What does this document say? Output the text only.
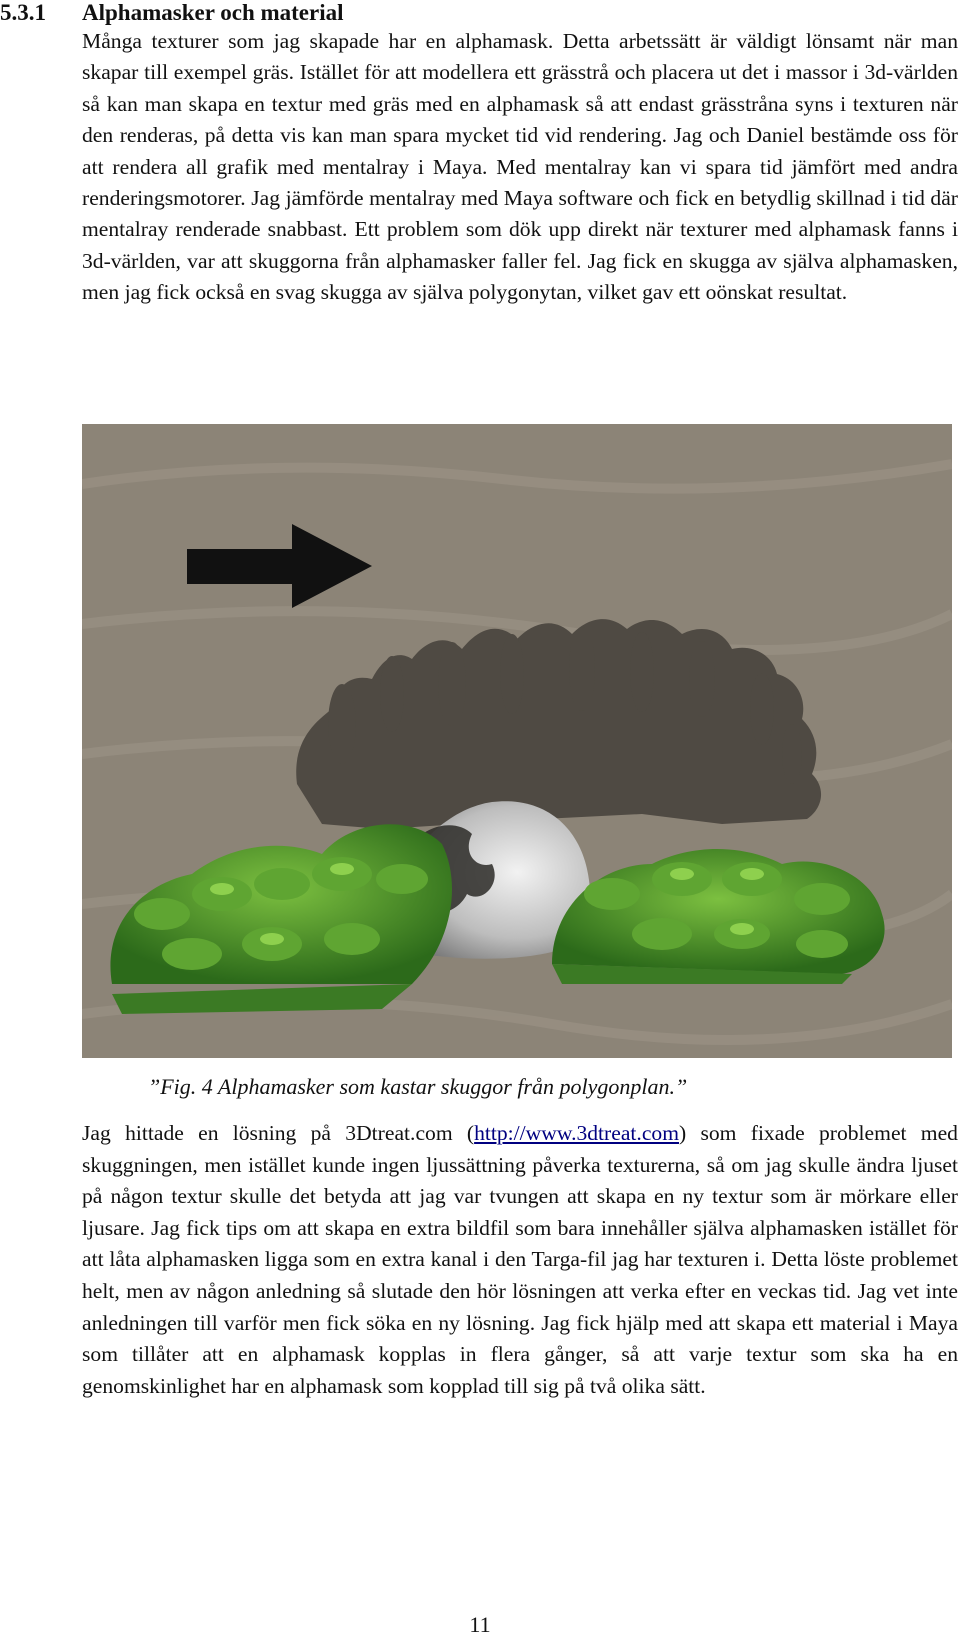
5.3.1 Alphamasker och material

Många texturer som jag skapade har en alphamask. Detta arbetssätt är väldigt lönsamt när man skapar till exempel gräs. Istället för att modellera ett grässtrå och placera ut det i massor i 3d-världen så kan man skapa en textur med gräs med en alphamask så att endast grässtråna syns i texturen när den renderas, på detta vis kan man spara mycket tid vid rendering. Jag och Daniel bestämde oss för att rendera all grafik med mentalray i Maya. Med mentalray kan vi spara tid jämfört med andra renderingsmotorer. Jag jämförde mentalray med Maya software och fick en betydlig skillnad i tid där mentalray renderade snabbast. Ett problem som dök upp direkt när texturer med alphamask fanns i 3d-världen, var att skuggorna från alphamasker faller fel. Jag fick en skugga av själva alphamasken, men jag fick också en svag skugga av själva polygonytan, vilket gav ett oönskat resultat.

”Fig. 4 Alphamasker som kastar skuggor från polygonplan.”

Jag hittade en lösning på 3Dtreat.com (http://www.3dtreat.com) som fixade problemet med skuggningen, men istället kunde ingen ljussättning påverka texturerna, så om jag skulle ändra ljuset på någon textur skulle det betyda att jag var tvungen att skapa en ny textur som är mörkare eller ljusare. Jag fick tips om att skapa en extra bildfil som bara innehåller själva alphamasken istället för att låta alphamasken ligga som en extra kanal i den Targa-fil jag har texturen i. Detta löste problemet helt, men av någon anledning så slutade den hör lösningen att verka efter en veckas tid. Jag vet inte anledningen till varför men fick söka en ny lösning. Jag fick hjälp med att skapa ett material i Maya som tillåter att en alphamask kopplas in flera gånger, så att varje textur som ska ha en genomskinlighet har en alphamask som kopplad till sig på två olika sätt.

11
